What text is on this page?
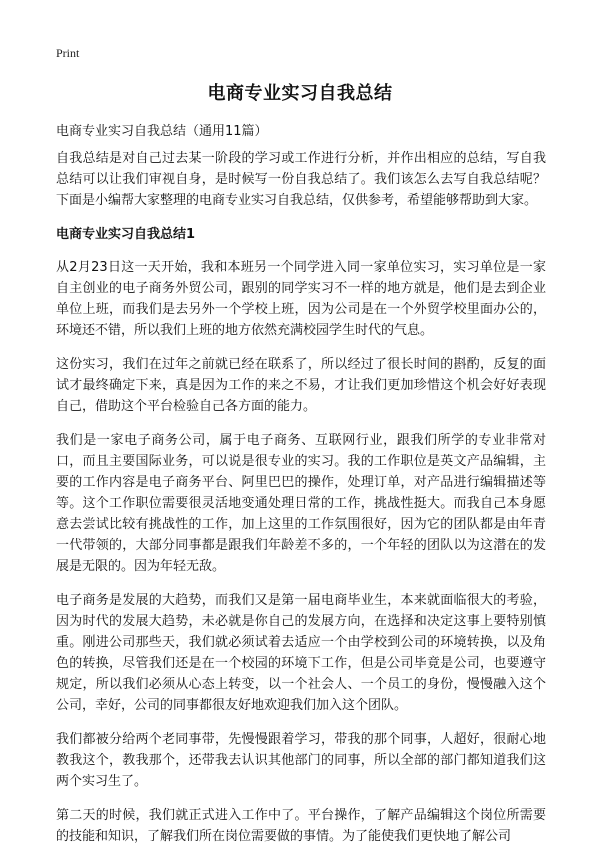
Print
电商专业实习自我总结
电商专业实习自我总结（通用11篇）

自我总结是对自己过去某一阶段的学习或工作进行分析，并作出相应的总结，写自我总结可以让我们审视自身，是时候写一份自我总结了。我们该怎么去写自我总结呢？下面是小编帮大家整理的电商专业实习自我总结，仅供参考，希望能够帮助到大家。

电商专业实习自我总结1

从2月23日这一天开始，我和本班另一个同学进入同一家单位实习，实习单位是一家自主创业的电子商务外贸公司，跟别的同学实习不一样的地方就是，他们是去到企业单位上班，而我们是去另外一个学校上班，因为公司是在一个外贸学校里面办公的，环境还不错，所以我们上班的地方依然充满校园学生时代的气息。

这份实习，我们在过年之前就已经在联系了，所以经过了很长时间的斟酌，反复的面试才最终确定下来，真是因为工作的来之不易，才让我们更加珍惜这个机会好好表现自己，借助这个平台检验自己各方面的能力。

我们是一家电子商务公司，属于电子商务、互联网行业，跟我们所学的专业非常对口，而且主要国际业务，可以说是很专业的实习。我的工作职位是英文产品编辑，主要的工作内容是电子商务平台、阿里巴巴的操作，处理订单，对产品进行编辑描述等等。这个工作职位需要很灵活地变通处理日常的工作，挑战性挺大。而我自己本身愿意去尝试比较有挑战性的工作，加上这里的工作氛围很好，因为它的团队都是由年青一代带领的，大部分同事都是跟我们年龄差不多的，一个年轻的团队以为这潜在的发展是无限的。因为年轻无敌。

电子商务是发展的大趋势，而我们又是第一届电商毕业生，本来就面临很大的考验，因为时代的发展大趋势，未必就是你自己的发展方向，在选择和决定这事上要特别慎重。刚进公司那些天，我们就必须试着去适应一个由学校到公司的环境转换，以及角色的转换，尽管我们还是在一个校园的环境下工作，但是公司毕竟是公司，也要遵守规定，所以我们必须从心态上转变，以一个社会人、一个员工的身份，慢慢融入这个公司，幸好，公司的同事都很友好地欢迎我们加入这个团队。

我们都被分给两个老同事带，先慢慢跟着学习，带我的那个同事，人超好，很耐心地教我这个，教我那个，还带我去认识其他部门的同事，所以全部的部门都知道我们这两个实习生了。

第二天的时候，我们就正式进入工作中了。平台操作，了解产品编辑这个岗位所需要的技能和知识，了解我们所在岗位需要做的事情。为了能使我们更快地了解公司
